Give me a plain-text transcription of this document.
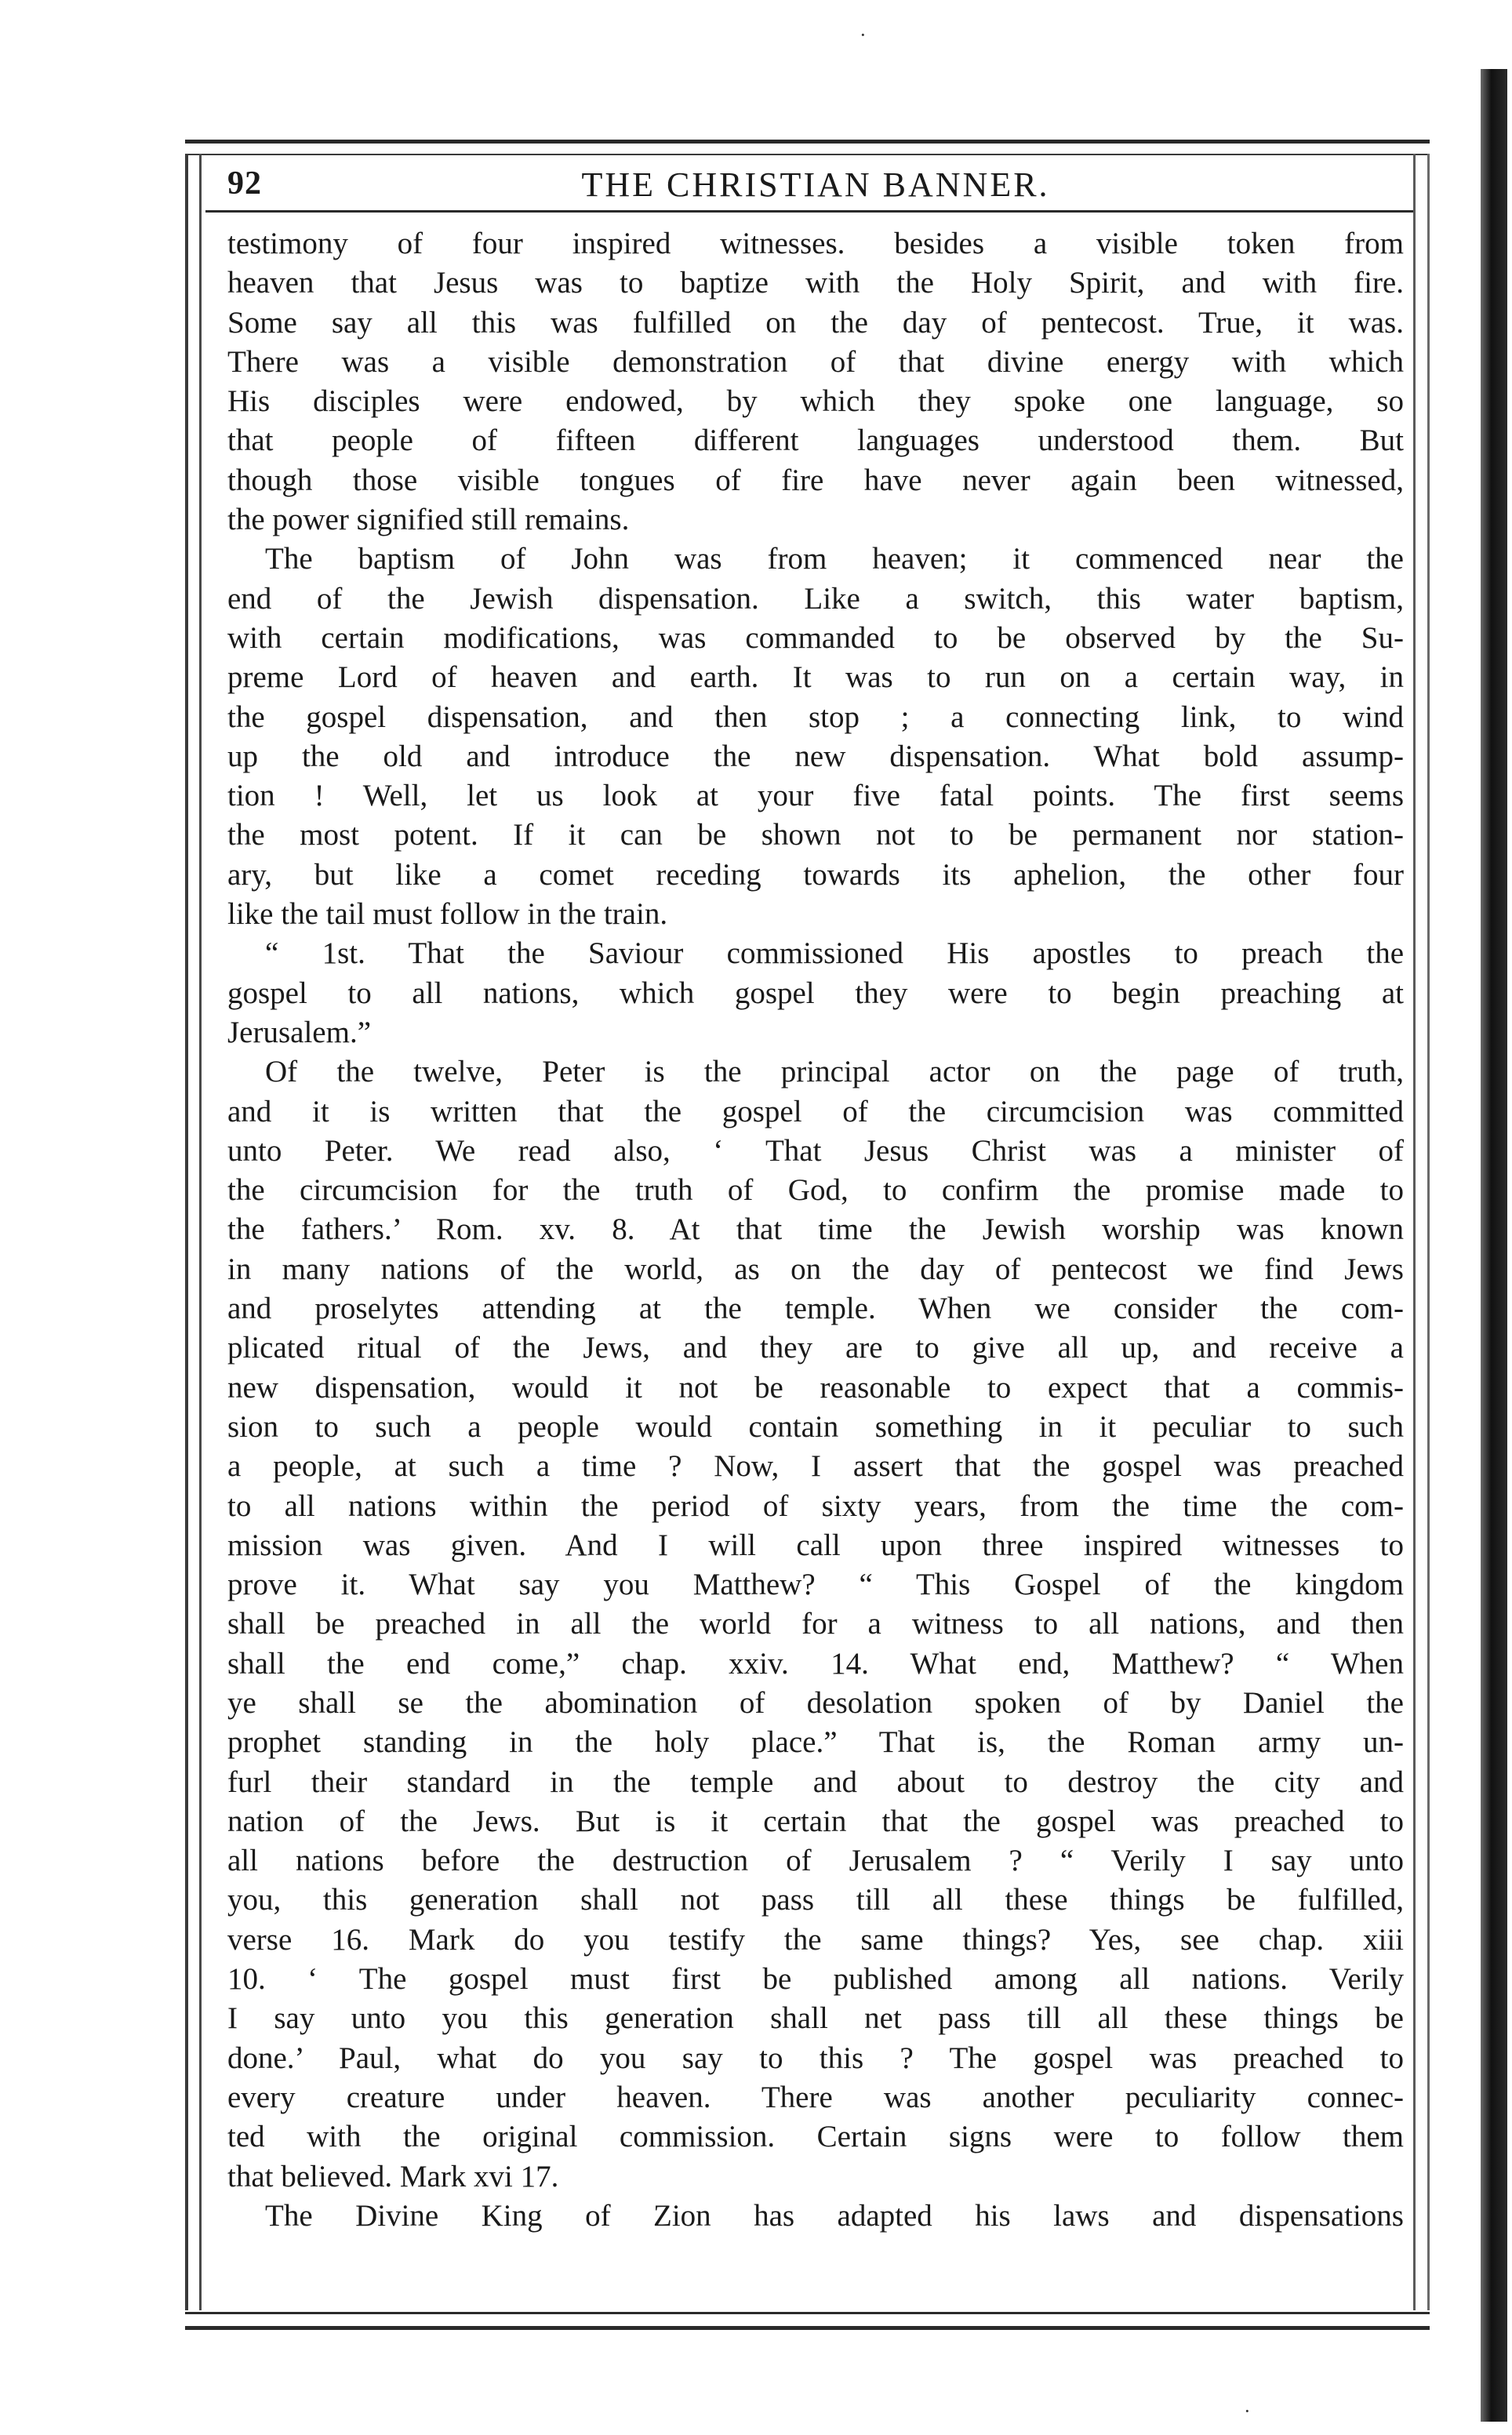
·
·
92	THE CHRISTIAN BANNER.
testimony of four inspired witnesses. besides a visible token from
heaven that Jesus was to baptize with the Holy Spirit, and with fire.
Some say all this was fulfilled on the day of pentecost. True, it was.
There was a visible demonstration of that divine energy with which
His disciples were endowed, by which they spoke one language, so
that people of fifteen different languages understood them. But
though those visible tongues of fire have never again been witnessed,
the power signified still remains.
The baptism of John was from heaven; it commenced near the
end of the Jewish dispensation. Like a switch, this water baptism,
with certain modifications, was commanded to be observed by the Su-
preme Lord of heaven and earth. It was to run on a certain way, in
the gospel dispensation, and then stop ; a connecting link, to wind
up the old and introduce the new dispensation. What bold assump-
tion ! Well, let us look at your five fatal points. The first seems
the most potent. If it can be shown not to be permanent nor station-
ary, but like a comet receding towards its aphelion, the other four
like the tail must follow in the train.
“ 1st. That the Saviour commissioned His apostles to preach the
gospel to all nations, which gospel they were to begin preaching at
Jerusalem.”
Of the twelve, Peter is the principal actor on the page of truth,
and it is written that the gospel of the circumcision was committed
unto Peter. We read also, ‘ That Jesus Christ was a minister of
the circumcision for the truth of God, to confirm the promise made to
the fathers.’ Rom. xv. 8. At that time the Jewish worship was known
in many nations of the world, as on the day of pentecost we find Jews
and proselytes attending at the temple. When we consider the com-
plicated ritual of the Jews, and they are to give all up, and receive a
new dispensation, would it not be reasonable to expect that a commis-
sion to such a people would contain something in it peculiar to such
a people, at such a time ? Now, I assert that the gospel was preached
to all nations within the period of sixty years, from the time the com-
mission was given. And I will call upon three inspired witnesses to
prove it. What say you Matthew? “ This Gospel of the kingdom
shall be preached in all the world for a witness to all nations, and then
shall the end come,” chap. xxiv. 14. What end, Matthew? “ When
ye shall se the abomination of desolation spoken of by Daniel the
prophet standing in the holy place.” That is, the Roman army un-
furl their standard in the temple and about to destroy the city and
nation of the Jews. But is it certain that the gospel was preached to
all nations before the destruction of Jerusalem ? “ Verily I say unto
you, this generation shall not pass till all these things be fulfilled,
verse 16. Mark do you testify the same things? Yes, see chap. xiii
10. ‘ The gospel must first be published among all nations. Verily
I say unto you this generation shall net pass till all these things be
done.’ Paul, what do you say to this ? The gospel was preached to
every creature under heaven. There was another peculiarity connec-
ted with the original commission. Certain signs were to follow them
that believed. Mark xvi 17.
The Divine King of Zion has adapted his laws and dispensations
